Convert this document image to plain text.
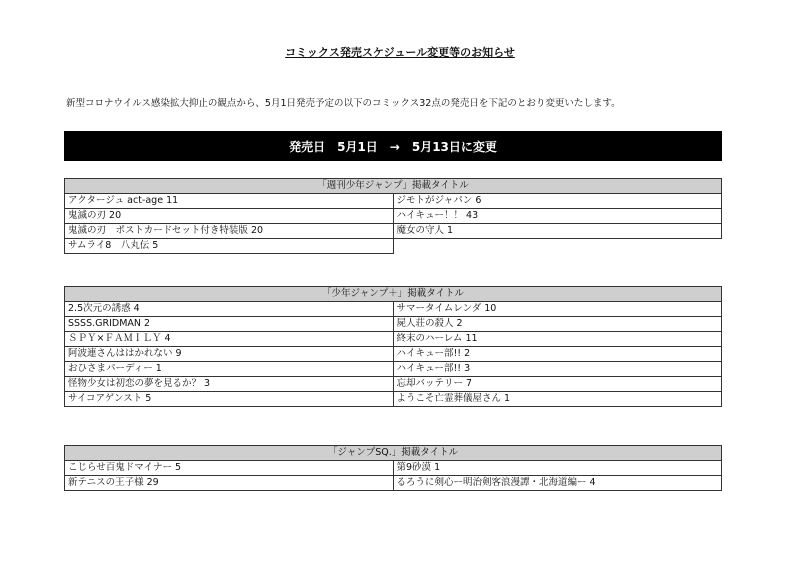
コミックス発売スケジュール変更等のお知らせ
新型コロナウイルス感染拡大抑止の観点から、5月1日発売予定の以下のコミックス32点の発売日を下記のとおり変更いたします。
発売日　5月1日　→　5月13日に変更
「週刊少年ジャンプ」掲載タイトル	
アクタージュ act-age 11	ジモトがジャパン 6
鬼滅の刃 20	ハイキュー！！ 43
鬼滅の刃　ポストカードセット付き特装版 20	魔女の守人 1
サムライ8　八丸伝 5	
「少年ジャンプ＋」掲載タイトル	
2.5次元の誘惑 4	サマータイムレンダ 10
SSSS.GRIDMAN 2	屍人荘の殺人 2
ＳＰＹ×ＦＡＭＩＬＹ 4	終末のハーレム 11
阿波連さんははかれない 9	ハイキュー部!! 2
おひさまパーディー 1	ハイキュー部!! 3
怪物少女は初恋の夢を見るか？ 3	忘却バッテリー 7
サイコアゲンスト 5	ようこそ亡霊葬儀屋さん 1
「ジャンプSQ.」掲載タイトル	
こじらせ百鬼ドマイナー 5	第9砂漠 1
新テニスの王子様 29	るろうに剣心ー明治剣客浪漫譚・北海道編ー 4
